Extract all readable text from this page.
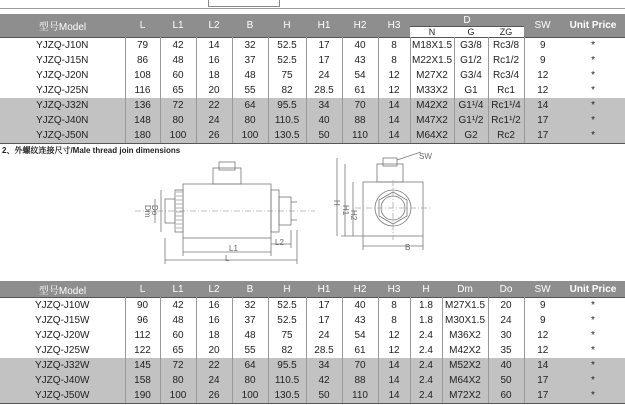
型号Model	L	L1	L2	B	H	H1	H2	H3	D			SW	Unit Price
									N	G	ZG		
YJZQ-J10N	79	42	14	32	52.5	17	40	8	M18X1.5	G3/8	Rc3/8	9	*
YJZQ-J15N	86	48	16	37	52.5	17	43	8	M22X1.5	G1/2	Rc1/2	9	*
YJZQ-J20N	108	60	18	48	75	24	54	12	M27X2	G3/4	Rc3/4	12	*
YJZQ-J25N	116	65	20	55	82	28.5	61	12	M33X2	G1	Rc1	12	*
YJZQ-J32N	136	72	22	64	95.5	34	70	14	M42X2	G1¹/4	Rc1¹/4	14	*
YJZQ-J40N	148	80	24	80	110.5	40	88	14	M47X2	G1¹/2	Rc1¹/2	17	*
YJZQ-J50N	180	100	26	100	130.5	50	110	14	M64X2	G2	Rc2	17	*
2、外螺纹连接尺寸/Male thread join dimensions
Dm
Do
L1
L2
L
SW
H
H1 H2
B
型号Model	L	L1	L2	B	H	H1	H2	H3	H	Dm	Do	SW	Unit Price
YJZQ-J10W	90	42	16	32	52.5	17	40	8	1.8	M27X1.5	20	9	*
YJZQ-J15W	96	48	16	37	52.5	17	43	8	1.8	M30X1.5	24	9	*
YJZQ-J20W	112	60	18	48	75	24	54	12	2.4	M36X2	30	12	*
YJZQ-J25W	122	65	20	55	82	28.5	61	12	2.4	M42X2	35	12	*
YJZQ-J32W	145	72	22	64	95.5	34	70	14	2.4	M52X2	40	14	*
YJZQ-J40W	158	80	24	80	110.5	42	88	14	2.4	M64X2	50	17	*
YJZQ-J50W	190	100	26	100	130.5	50	110	14	2.4	M72X2	60	17	*
